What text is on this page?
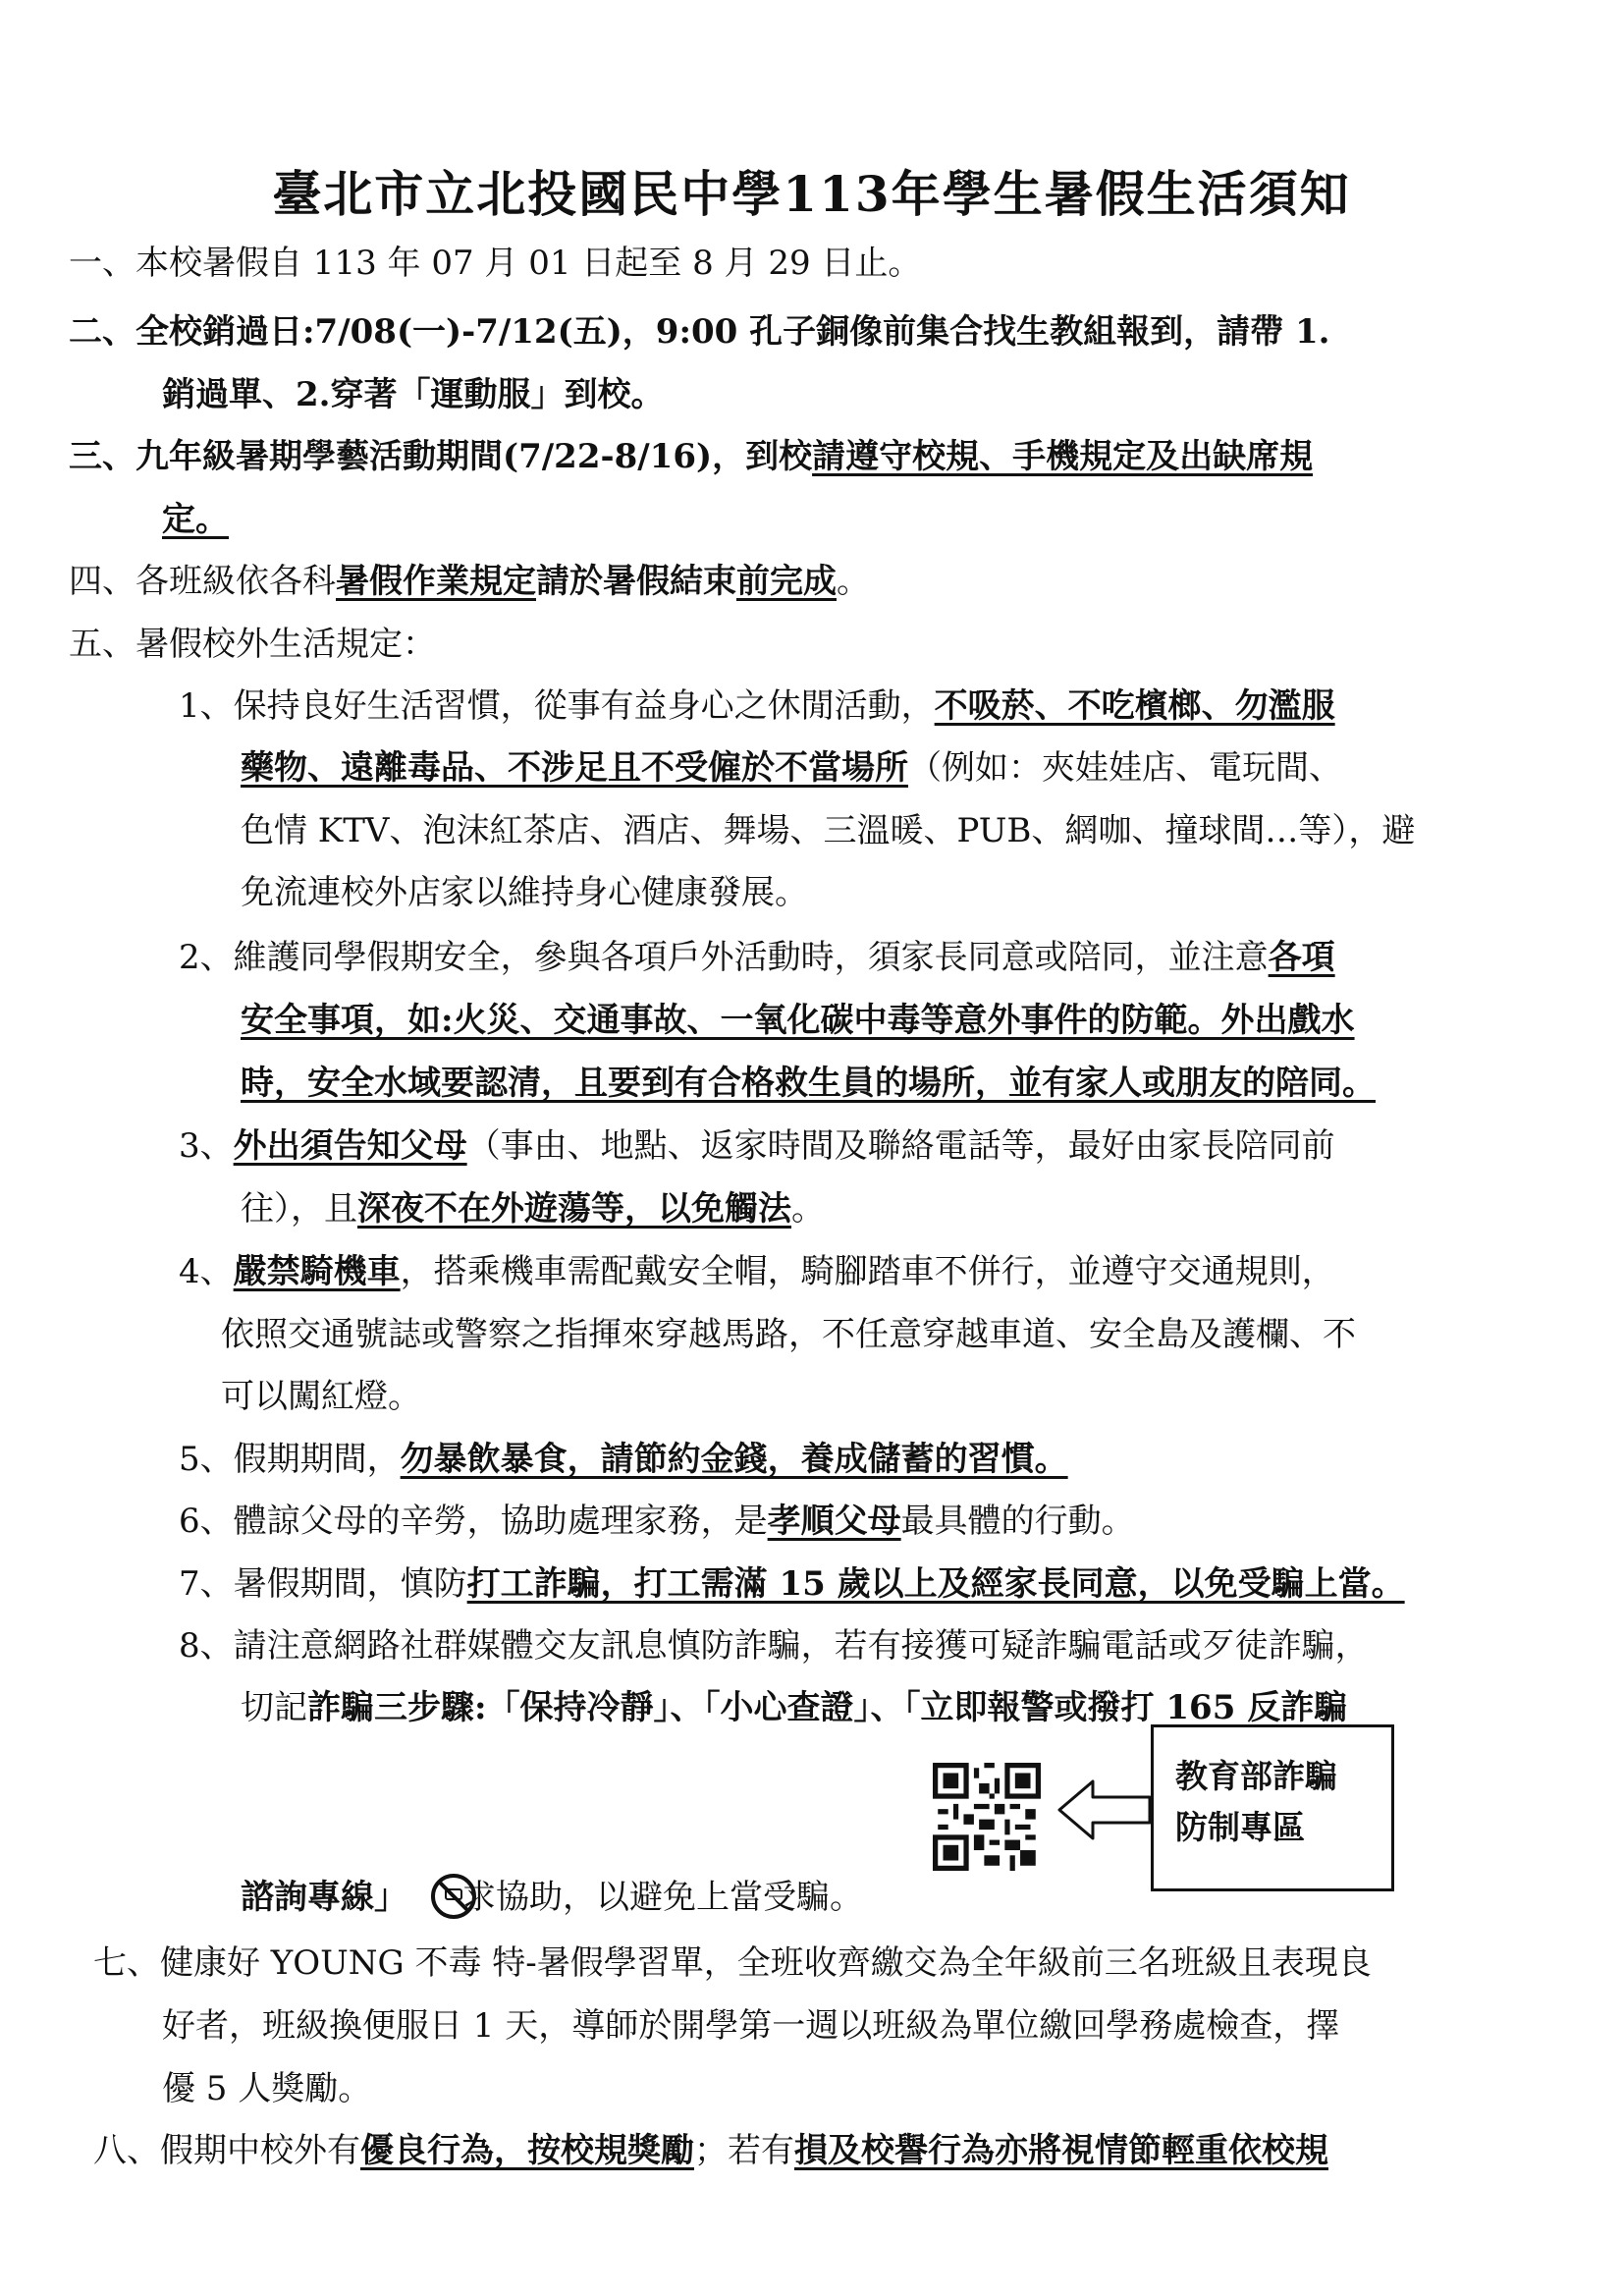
臺北市立北投國民中學113年學生暑假生活須知
一、本校暑假自 113 年 07 月 01 日起至 8 月 29 日止。
二、全校銷過日:7/08(一)-7/12(五)，9:00 孔子銅像前集合找生教組報到，請帶 1.
銷過單、2.穿著「運動服」到校。
三、九年級暑期學藝活動期間(7/22-8/16)，到校請遵守校規、手機規定及出缺席規
定。
四、各班級依各科暑假作業規定請於暑假結束前完成。
五、暑假校外生活規定：
1、保持良好生活習慣，從事有益身心之休閒活動，不吸菸、不吃檳榔、勿濫服
藥物、遠離毒品、不涉足且不受僱於不當場所（例如：夾娃娃店、電玩間、
色情 KTV、泡沫紅茶店、酒店、舞場、三溫暖、PUB、網咖、撞球間…等），避
免流連校外店家以維持身心健康發展。
2、維護同學假期安全，參與各項戶外活動時，須家長同意或陪同，並注意各項
安全事項，如:火災、交通事故、一氧化碳中毒等意外事件的防範。外出戲水
時，安全水域要認清，且要到有合格救生員的場所，並有家人或朋友的陪同。
3、外出須告知父母（事由、地點、返家時間及聯絡電話等，最好由家長陪同前
往），且深夜不在外遊蕩等，以免觸法。
4、嚴禁騎機車，搭乘機車需配戴安全帽，騎腳踏車不併行，並遵守交通規則，
依照交通號誌或警察之指揮來穿越馬路，不任意穿越車道、安全島及護欄、不
可以闖紅燈。
5、假期期間，勿暴飲暴食，請節約金錢，養成儲蓄的習慣。
6、體諒父母的辛勞，協助處理家務，是孝順父母最具體的行動。
7、暑假期間，慎防打工詐騙，打工需滿 15 歲以上及經家長同意，以免受騙上當。
8、請注意網路社群媒體交友訊息慎防詐騙，若有接獲可疑詐騙電話或歹徒詐騙，
切記詐騙三步驟:「保持冷靜」、「小心查證」、「立即報警或撥打 165 反詐騙
教育部詐騙
防制專區
諮詢專線」 求協助，以避免上當受騙。
七、健康好 YOUNG 不毒 特-暑假學習單，全班收齊繳交為全年級前三名班級且表現良
好者，班級換便服日 1 天，導師於開學第一週以班級為單位繳回學務處檢查，擇
優 5 人獎勵。
八、假期中校外有優良行為，按校規獎勵；若有損及校譽行為亦將視情節輕重依校規
